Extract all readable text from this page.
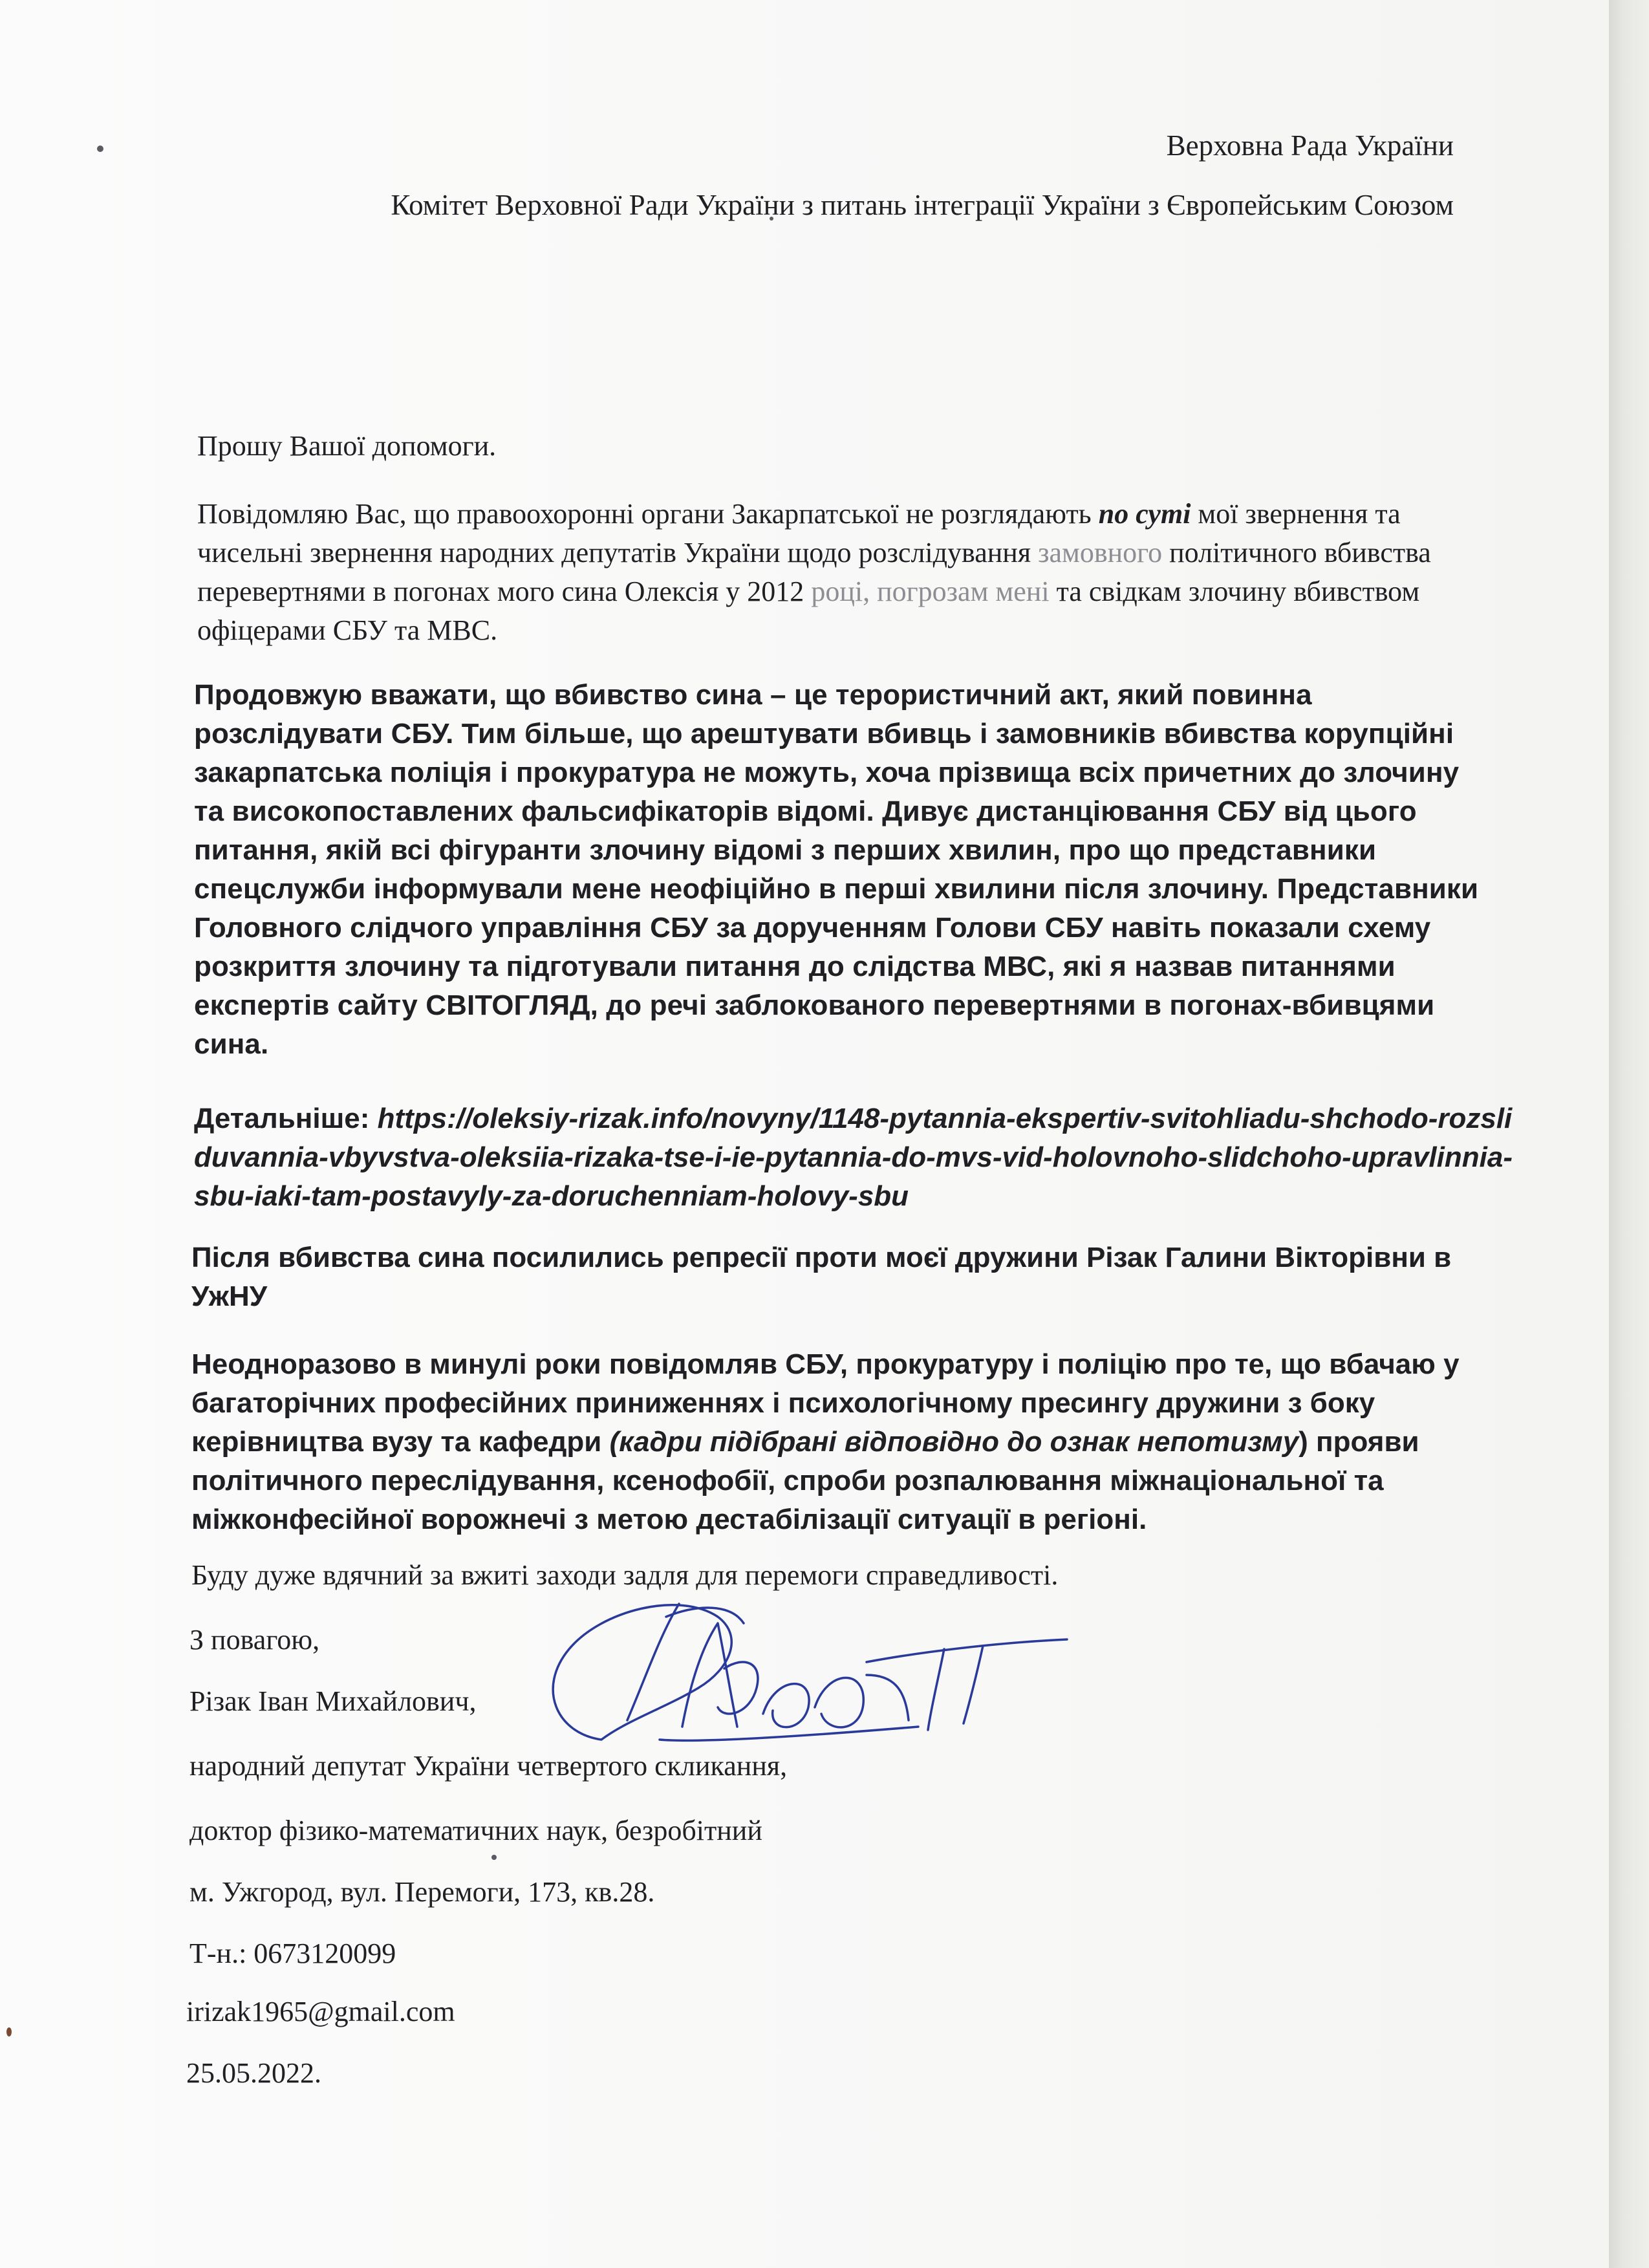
Верховна Рада України
Комітет Верховної Ради України з питань інтеграції України з Європейським Союзом

Прошу Вашої допомоги.

Повідомляю Вас, що правоохоронні органи Закарпатської не розглядають по суті мої звернення та чисельні звернення народних депутатів України щодо розслідування замовного політичного вбивства перевертнями в погонах мого сина Олексія у 2012 році, погрозам мені та свідкам злочину вбивством офіцерами СБУ та МВС.

Продовжую вважати, що вбивство сина – це терористичний акт, який повинна розслідувати СБУ. Тим більше, що арештувати вбивць і замовників вбивства корупційні закарпатська поліція і прокуратура не можуть, хоча прізвища всіх причетних до злочину та високопоставлених фальсифікаторів відомі. Дивує дистанціювання СБУ від цього питання, якій всі фігуранти злочину відомі з перших хвилин, про що представники спецслужби інформували мене неофіційно в перші хвилини після злочину. Представники Головного слідчого управління СБУ за дорученням Голови СБУ навіть показали схему розкриття злочину та підготували питання до слідства МВС, які я назвав питаннями експертів сайту СВІТОГЛЯД, до речі заблокованого перевертнями в погонах-вбивцями сина.

Детальніше: https://oleksiy-rizak.info/novyny/1148-pytannia-ekspertiv-svitohliadu-shchodo-rozsliduvannia-vbyvstva-oleksiia-rizaka-tse-i-ie-pytannia-do-mvs-vid-holovnoho-slidchoho-upravlinnia-sbu-iaki-tam-postavyly-za-doruchenniam-holovy-sbu

Після вбивства сина посилились репресії проти моєї дружини Різак Галини Вікторівни в УжНУ

Неодноразово в минулі роки повідомляв СБУ, прокуратуру і поліцію про те, що вбачаю у багаторічних професійних приниженнях і психологічному пресингу дружини з боку керівництва вузу та кафедри (кадри підібрані відповідно до ознак непотизму) прояви політичного переслідування, ксенофобії, спроби розпалювання міжнаціональної та міжконфесійної ворожнечі з метою дестабілізації ситуації в регіоні.

Буду дуже вдячний за вжиті заходи задля для перемоги справедливості.
З повагою,
Різак Іван Михайлович,
народний депутат України четвертого скликання,
доктор фізико-математичних наук, безробітний
м. Ужгород, вул. Перемоги, 173, кв.28.
Т-н.: 0673120099
irizak1965@gmail.com
25.05.2022.
